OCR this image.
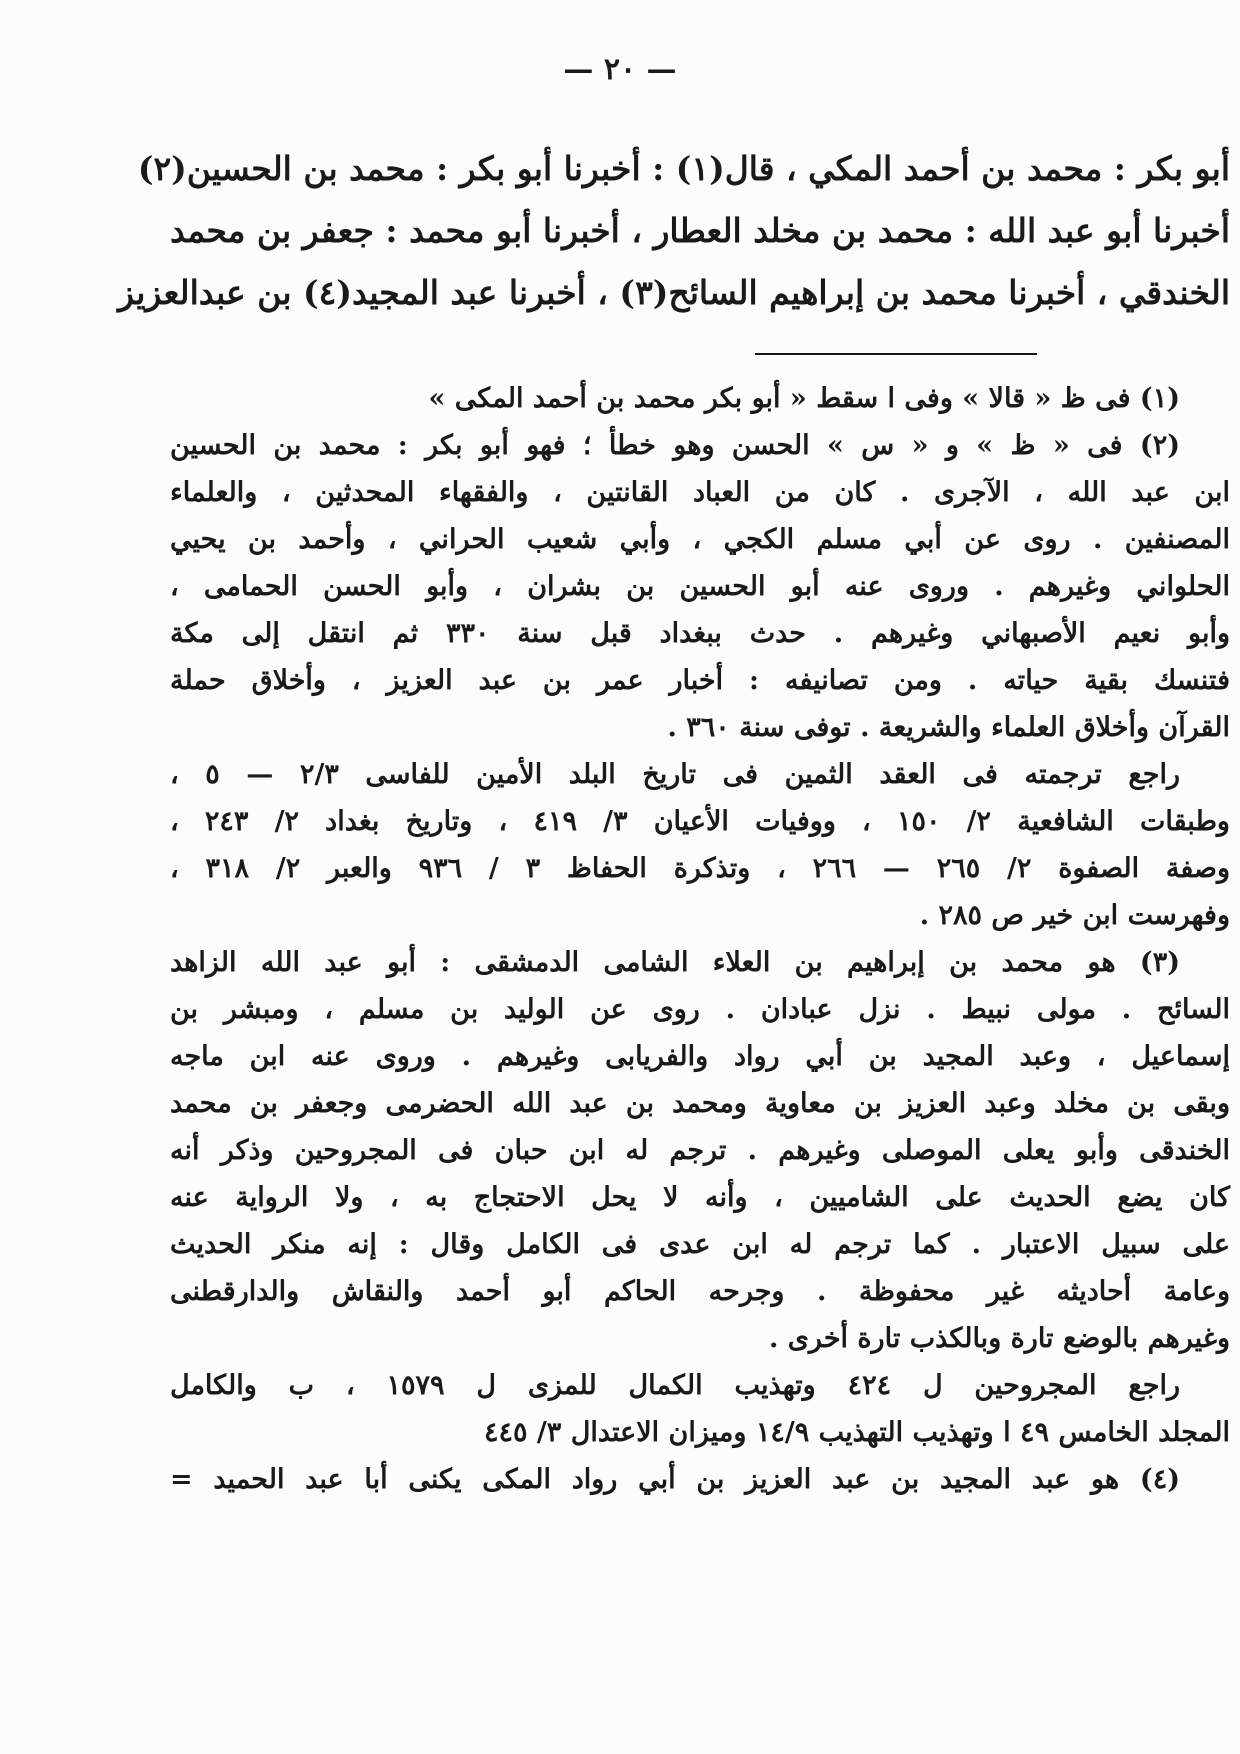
— ٢٠ —
أبو بكر : محمد بن أحمد المكي ، قال(١) : أخبرنا أبو بكر : محمد بن الحسين(٢)
أخبرنا أبو عبد الله : محمد بن مخلد العطار ، أخبرنا أبو محمد : جعفر بن محمد
الخندقي ، أخبرنا محمد بن إبراهيم السائح(٣) ، أخبرنا عبد المجيد(٤) بن عبدالعزيز
(١) فى ظ « قالا » وفى ا سقط « أبو بكر محمد بن أحمد المكى »
(٢) فى « ظ » و « س » الحسن وهو خطأ ؛ فهو أبو بكر : محمد بن الحسين
ابن عبد الله ، الآجرى . كان من العباد القانتين ، والفقهاء المحدثين ، والعلماء
المصنفين . روى عن أبي مسلم الكجي ، وأبي شعيب الحراني ، وأحمد بن يحيي
الحلواني وغيرهم . وروى عنه أبو الحسين بن بشران ، وأبو الحسن الحمامى ،
وأبو نعيم الأصبهاني وغيرهم . حدث ببغداد قبل سنة ٣٣٠ ثم انتقل إلى مكة
فتنسك بقية حياته . ومن تصانيفه : أخبار عمر بن عبد العزيز ، وأخلاق حملة
القرآن وأخلاق العلماء والشريعة . توفى سنة ٣٦٠ .
راجع ترجمته فى العقد الثمين فى تاريخ البلد الأمين للفاسى ٢/٣ — ٥ ،
وطبقات الشافعية ٢/ ١٥٠ ، ووفيات الأعيان ٣/ ٤١٩ ، وتاريخ بغداد ٢/ ٢٤٣ ،
وصفة الصفوة ٢/ ٢٦٥ — ٢٦٦ ، وتذكرة الحفاظ ٣ / ٩٣٦ والعبر ٢/ ٣١٨ ،
وفهرست ابن خير ص ٢٨٥ .
(٣) هو محمد بن إبراهيم بن العلاء الشامى الدمشقى : أبو عبد الله الزاهد
السائح . مولى نبيط . نزل عبادان . روى عن الوليد بن مسلم ، ومبشر بن
إسماعيل ، وعبد المجيد بن أبي رواد والفريابى وغيرهم . وروى عنه ابن ماجه
وبقى بن مخلد وعبد العزيز بن معاوية ومحمد بن عبد الله الحضرمى وجعفر بن محمد
الخندقى وأبو يعلى الموصلى وغيرهم . ترجم له ابن حبان فى المجروحين وذكر أنه
كان يضع الحديث على الشاميين ، وأنه لا يحل الاحتجاج به ، ولا الرواية عنه
على سبيل الاعتبار . كما ترجم له ابن عدى فى الكامل وقال : إنه منكر الحديث
وعامة أحاديثه غير محفوظة . وجرحه الحاكم أبو أحمد والنقاش والدارقطنى
وغيرهم بالوضع تارة وبالكذب تارة أخرى .
راجع المجروحين ل ٤٢٤ وتهذيب الكمال للمزى ل ١٥٧٩ ، ب والكامل
المجلد الخامس ٤٩ ا وتهذيب التهذيب ١٤/٩ وميزان الاعتدال ٣/ ٤٤٥
(٤) هو عبد المجيد بن عبد العزيز بن أبي رواد المكى يكنى أبا عبد الحميد =
